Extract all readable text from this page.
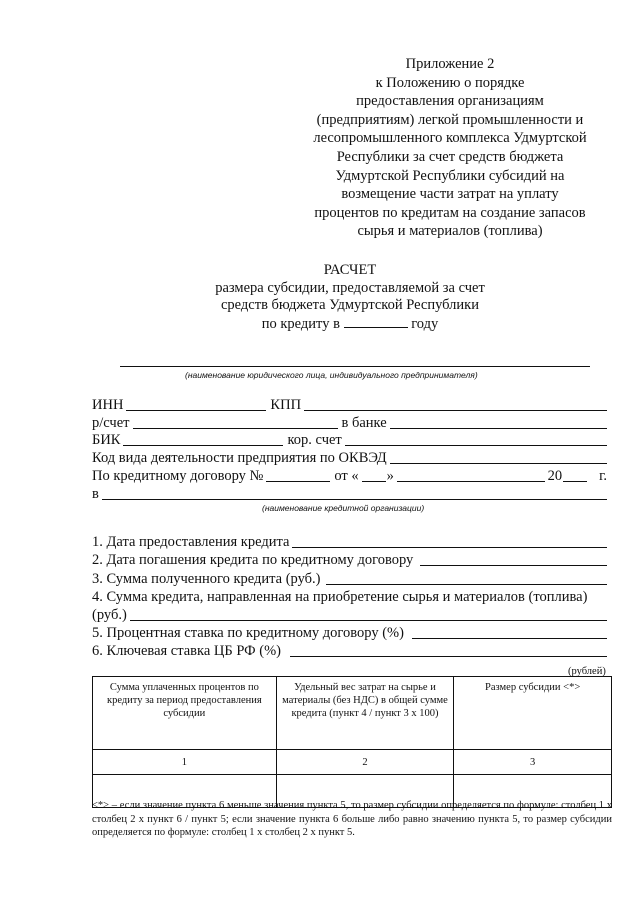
Приложение 2
к Положению о порядке
предоставления организациям
(предприятиям) легкой промышленности и
лесопромышленного комплекса Удмуртской
Республики за счет средств бюджета
Удмуртской Республики субсидий на
возмещение части затрат на уплату
процентов по кредитам на создание запасов
сырья и материалов (топлива)
РАСЧЕТ
размера субсидии, предоставляемой за счет
средств бюджета Удмуртской Республики
по кредиту в	году
(наименование юридического лица, индивидуального предпринимателя)
ИНН	КПП
р/счет	в банке
БИК	кор. счет
Код вида деятельности предприятия по ОКВЭД
По кредитному договору №	от « »	20	г.
в
(наименование кредитной организации)
1. Дата предоставления кредита
2. Дата погашения кредита по кредитному договору
3. Сумма полученного кредита (руб.)
4. Сумма кредита, направленная на приобретение сырья и материалов (топлива)
(руб.)
5. Процентная ставка по кредитному договору (%)
6. Ключевая ставка ЦБ РФ (%)
(рублей)
Сумма уплаченных процентов по кредиту за период предоставления субсидии	Удельный вес затрат на сырье и материалы (без НДС) в общей сумме кредита (пункт 4 / пункт 3 х 100)	Размер субсидии <*>
1	2	3

<*> – если значение пункта 6 меньше значения пункта 5, то размер субсидии определяется по формуле: столбец 1 х столбец 2 х пункт 6 / пункт 5; если значение пункта 6 больше либо равно значению пункта 5, то размер субсидии определяется по формуле: столбец 1 х столбец 2 х пункт 5.
